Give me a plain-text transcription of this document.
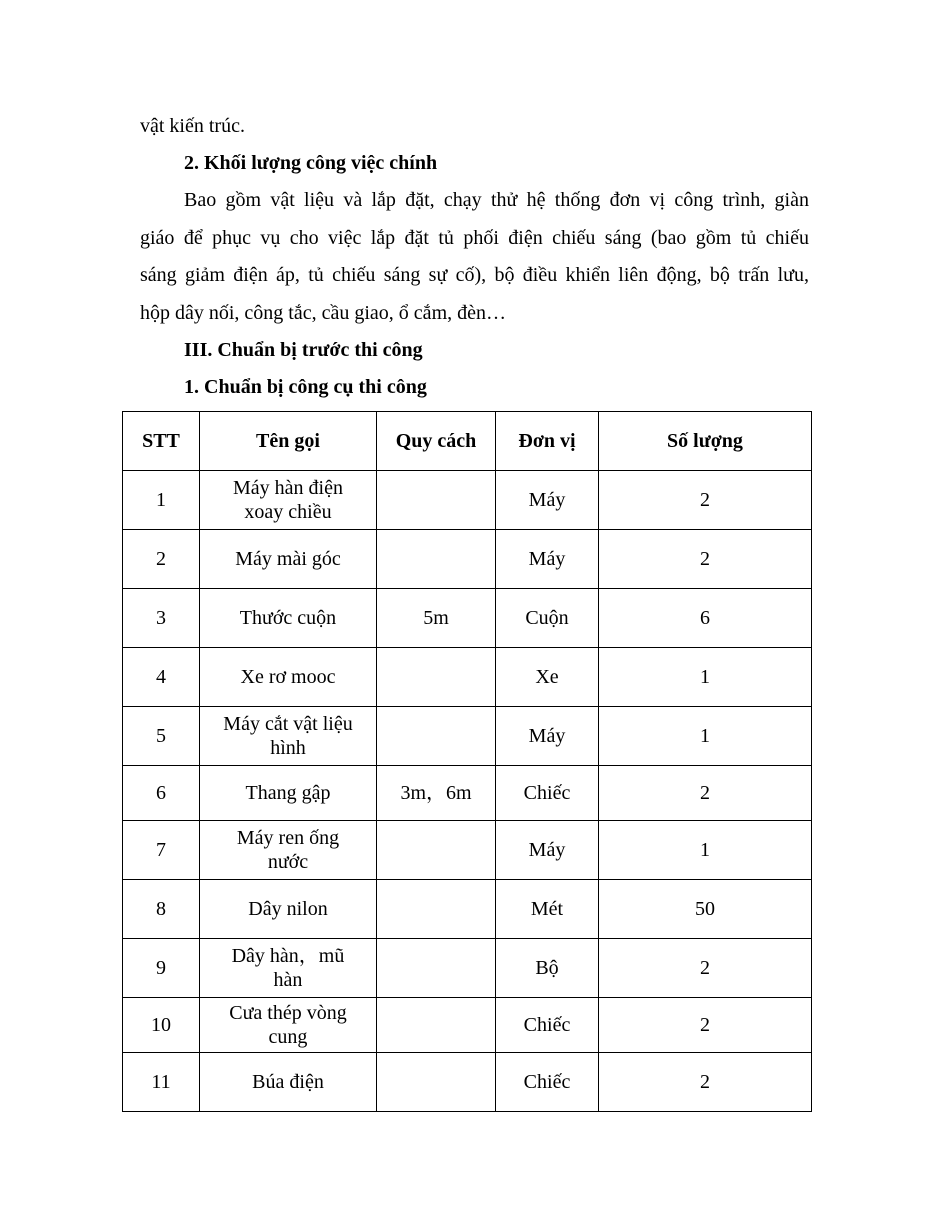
vật kiến trúc.
2. Khối lượng công việc chính
Bao gồm vật liệu và lắp đặt, chạy thử hệ thống đơn vị công trình, giàn
giáo để phục vụ cho việc lắp đặt tủ phối điện chiếu sáng (bao gồm tủ chiếu
sáng giảm điện áp, tủ chiếu sáng sự cố), bộ điều khiển liên động, bộ trấn lưu,
hộp dây nối, công tắc, cầu giao, ổ cắm, đèn…
III. Chuẩn bị trước thi công
1. Chuẩn bị công cụ thi công
STT	Tên gọi	Quy cách	Đơn vị	Số lượng
1	Máy hàn điện xoay chiều		Máy	2
2	Máy mài góc		Máy	2
3	Thước cuộn	5m	Cuộn	6
4	Xe rơ mooc		Xe	1
5	Máy cắt vật liệu hình		Máy	1
6	Thang gập	3m，6m	Chiếc	2
7	Máy ren ống nước		Máy	1
8	Dây nilon		Mét	50
9	Dây hàn，mũ hàn		Bộ	2
10	Cưa thép vòng cung		Chiếc	2
11	Búa điện		Chiếc	2
